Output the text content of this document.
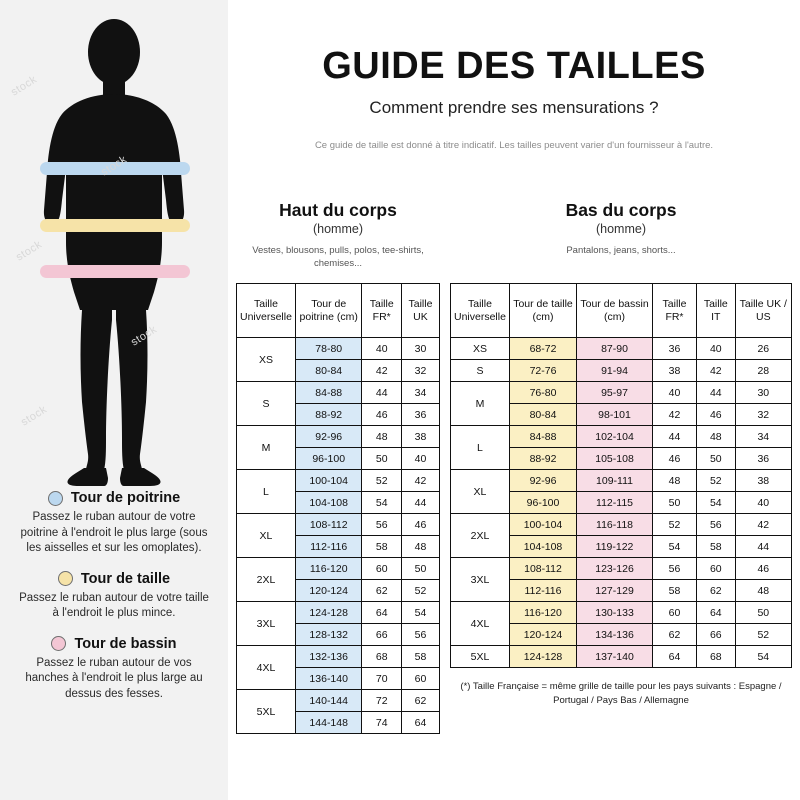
stock
stock
stock
stock
stock
Tour de poitrine
Passez le ruban autour de votre poitrine à l'endroit le plus large (sous les aisselles et sur les omoplates).
Tour de taille
Passez le ruban autour de votre taille à l'endroit le plus mince.
Tour de bassin
Passez le ruban autour de vos hanches à l'endroit le plus large au dessus des fesses.
GUIDE DES TAILLES
Comment prendre ses mensurations ?
Ce guide de taille est donné à titre indicatif. Les tailles peuvent varier d'un fournisseur à l'autre.
Haut du corps
(homme)
Vestes, blousons, pulls, polos, tee-shirts, chemises...
Taille Universelle	Tour de poitrine (cm)	Taille FR*	Taille UK
XS	78-80	40	30
	80-84	42	32
S	84-88	44	34
	88-92	46	36
M	92-96	48	38
	96-100	50	40
L	100-104	52	42
	104-108	54	44
XL	108-112	56	46
	112-116	58	48
2XL	116-120	60	50
	120-124	62	52
3XL	124-128	64	54
	128-132	66	56
4XL	132-136	68	58
	136-140	70	60
5XL	140-144	72	62
	144-148	74	64
Bas du corps
(homme)
Pantalons, jeans, shorts...
Taille Universelle	Tour de taille (cm)	Tour de bassin (cm)	Taille FR*	Taille IT	Taille UK / US
XS	68-72	87-90	36	40	26
S	72-76	91-94	38	42	28
M	76-80	95-97	40	44	30
	80-84	98-101	42	46	32
L	84-88	102-104	44	48	34
	88-92	105-108	46	50	36
XL	92-96	109-111	48	52	38
	96-100	112-115	50	54	40
2XL	100-104	116-118	52	56	42
	104-108	119-122	54	58	44
3XL	108-112	123-126	56	60	46
	112-116	127-129	58	62	48
4XL	116-120	130-133	60	64	50
	120-124	134-136	62	66	52
5XL	124-128	137-140	64	68	54
(*) Taille Française = même grille de taille pour les pays suivants : Espagne / Portugal / Pays Bas / Allemagne
